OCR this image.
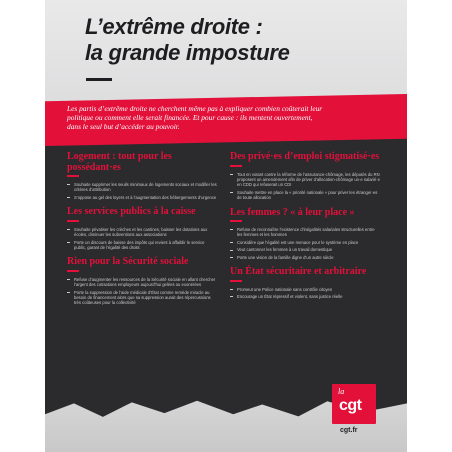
L’extrême droite :
la grande imposture

Les partis d’extrême droite ne cherchent même pas à expliquer combien coûterait leur politique ou comment elle serait financée. Et pour cause : ils mentent ouvertement, dans le seul but d’accéder au pouvoir.

Logement : tout pour les possédant·es
Souhaite supprimer les seuils minimaux de logements sociaux et modifier les critères d’attribution
S’oppose au gel des loyers et à l’augmentation des hébergements d’urgence
Les services publics à la caisse
Souhaite privatiser les crèches et les cantines, baisser les dotations aux écoles, diminuer les subventions aux associations
Porte un discours de baisse des impôts qui revient à affaiblir le service public, garant de l’égalité des droits
Rien pour la Sécurité sociale
Refuse d’augmenter les ressources de la Sécurité sociale en allant chercher l’argent des cotisations employeurs aujourd’hui gelées ou exonérées
Porte la suppression de l’aide médicale d’État comme remède miracle au besoin de financement alors que sa suppression aurait des répercussions très coûteuses pour la collectivité
Des privé·es d’emploi stigmatisé·es
Tout en votant contre la réforme de l’assurance-chômage, les députés du RN proposent un amendement afin de priver d’allocation-chômage un·e salarié·e en CDD qui refuserait un CDI
Souhaite mettre en place la « priorité nationale » pour priver les étranger·es de toute allocation
Les femmes ? « à leur place »
Refuse de reconnaître l’existence d’inégalités salariales structurelles entre les femmes et les hommes
Considère que l’égalité est une menace pour le système en place
Veut cantonner les femmes à un travail domestique
Porte une vision de la famille digne d’un autre siècle
Un État sécuritaire et arbitraire
Promeut une Police nationale sans contrôle citoyen
Encourage un État répressif et violent, sans justice réelle
la
cgt
cgt.fr
